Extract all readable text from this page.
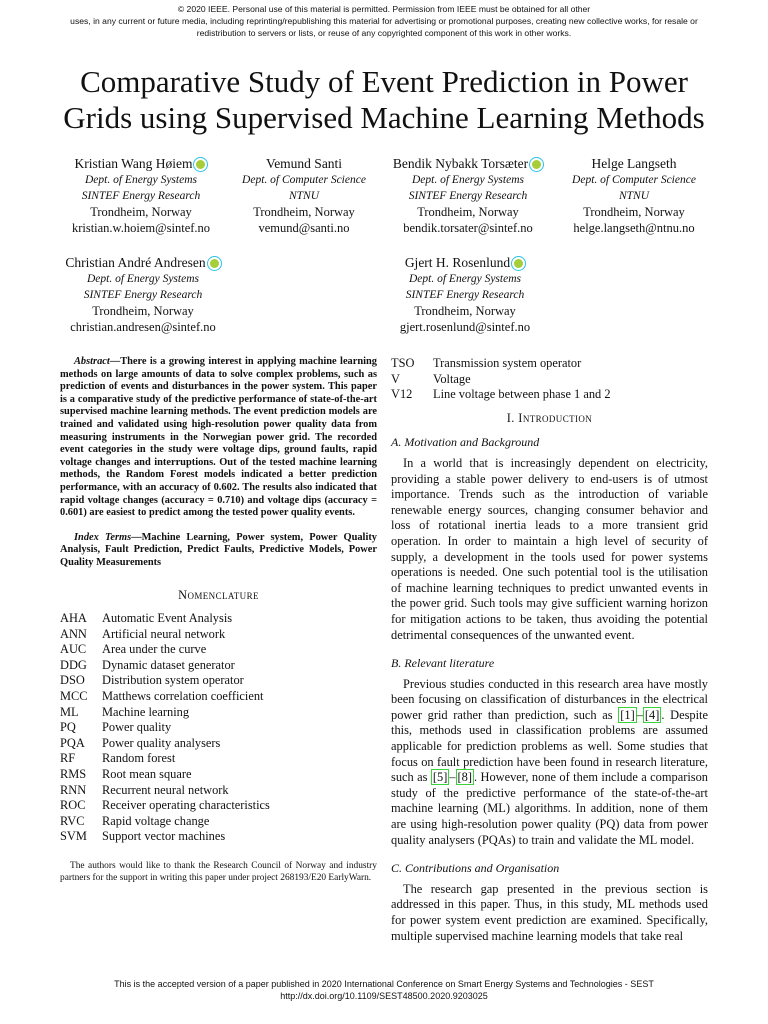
© 2020 IEEE. Personal use of this material is permitted. Permission from IEEE must be obtained for all other
uses, in any current or future media, including reprinting/republishing this material for advertising or promotional purposes, creating new collective works, for resale or
redistribution to servers or lists, or reuse of any copyrighted component of this work in other works.
Comparative Study of Event Prediction in Power
Grids using Supervised Machine Learning Methods
Kristian Wang Høiem
Dept. of Energy Systems
SINTEF Energy Research
Trondheim, Norway
kristian.w.hoiem@sintef.no
Vemund Santi
Dept. of Computer Science
NTNU
Trondheim, Norway
vemund@santi.no
Bendik Nybakk Torsæter
Dept. of Energy Systems
SINTEF Energy Research
Trondheim, Norway
bendik.torsater@sintef.no
Helge Langseth
Dept. of Computer Science
NTNU
Trondheim, Norway
helge.langseth@ntnu.no
Christian André Andresen
Dept. of Energy Systems
SINTEF Energy Research
Trondheim, Norway
christian.andresen@sintef.no
Gjert H. Rosenlund
Dept. of Energy Systems
SINTEF Energy Research
Trondheim, Norway
gjert.rosenlund@sintef.no

Abstract—There is a growing interest in applying machine learning methods on large amounts of data to solve complex problems, such as prediction of events and disturbances in the power system. This paper is a comparative study of the predictive performance of state-of-the-art supervised machine learning methods. The event prediction models are trained and validated using high-resolution power quality data from measuring instruments in the Norwegian power grid. The recorded event categories in the study were voltage dips, ground faults, rapid voltage changes and interruptions. Out of the tested machine learning methods, the Random Forest models indicated a better prediction performance, with an accuracy of 0.602. The results also indicated that rapid voltage changes (accuracy = 0.710) and voltage dips (accuracy = 0.601) are easiest to predict among the tested power quality events.

Index Terms—Machine Learning, Power system, Power Quality Analysis, Fault Prediction, Predict Faults, Predictive Models, Power Quality Measurements

Nomenclature
AHA	Automatic Event Analysis
ANN	Artificial neural network
AUC	Area under the curve
DDG	Dynamic dataset generator
DSO	Distribution system operator
MCC	Matthews correlation coefficient
ML	Machine learning
PQ	Power quality
PQA	Power quality analysers
RF	Random forest
RMS	Root mean square
RNN	Recurrent neural network
ROC	Receiver operating characteristics
RVC	Rapid voltage change
SVM	Support vector machines
The authors would like to thank the Research Council of Norway and industry partners for the support in writing this paper under project 268193/E20 EarlyWarn.
TSO	Transmission system operator
V	Voltage
V12	Line voltage between phase 1 and 2
I. Introduction
A. Motivation and Background

In a world that is increasingly dependent on electricity, providing a stable power delivery to end-users is of utmost importance. Trends such as the introduction of variable renewable energy sources, changing consumer behavior and loss of rotational inertia leads to a more transient grid operation. In order to maintain a high level of security of supply, a development in the tools used for power systems operations is needed. One such potential tool is the utilisation of machine learning techniques to predict unwanted events in the power grid. Such tools may give sufficient warning horizon for mitigation actions to be taken, thus avoiding the potential detrimental consequences of the unwanted event.

B. Relevant literature

Previous studies conducted in this research area have mostly been focusing on classification of disturbances in the electrical power grid rather than prediction, such as [1] – [4] . Despite this, methods used in classification problems are assumed applicable for prediction problems as well. Some studies that focus on fault prediction have been found in research literature, such as [5] – [8] . However, none of them include a comparison study of the predictive performance of the state-of-the-art machine learning (ML) algorithms. In addition, none of them are using high-resolution power quality (PQ) data from power quality analysers (PQAs) to train and validate the ML model.

C. Contributions and Organisation

The research gap presented in the previous section is addressed in this paper. Thus, in this study, ML methods used for power system event prediction are examined. Specifically, multiple supervised machine learning models that take real

This is the accepted version of a paper published in 2020 International Conference on Smart Energy Systems and Technologies - SEST
http://dx.doi.org/10.1109/SEST48500.2020.9203025
